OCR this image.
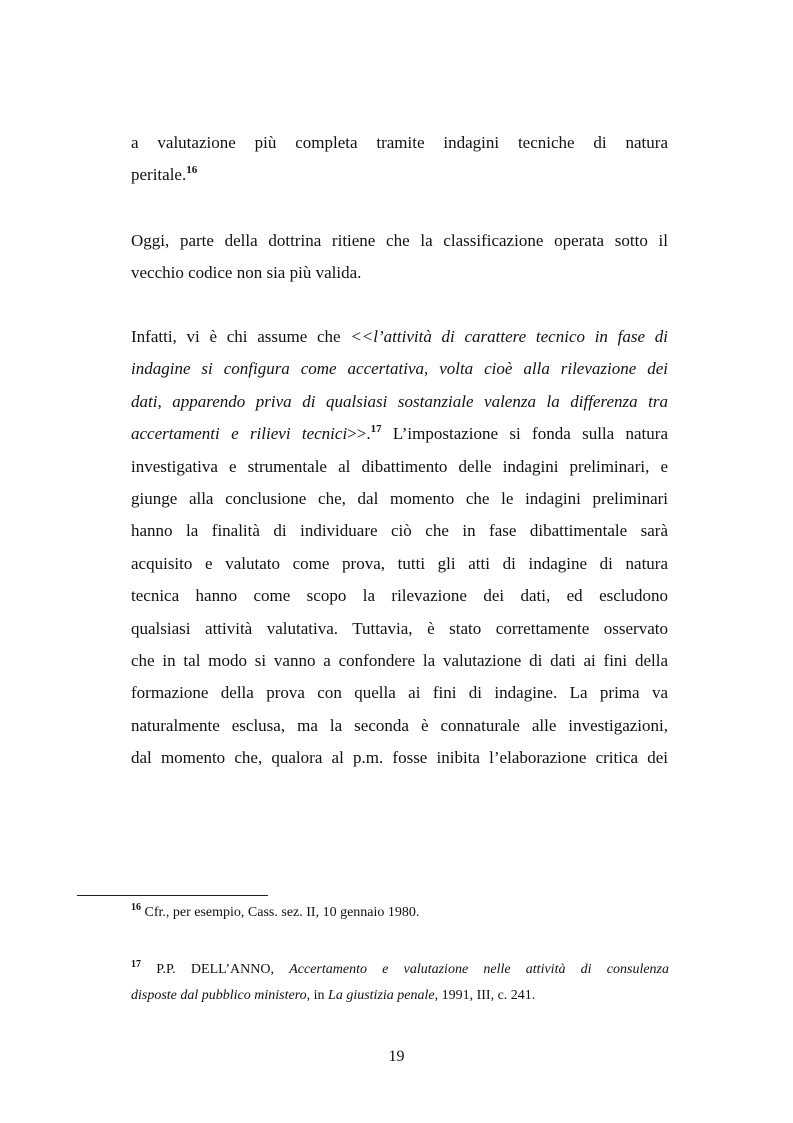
a valutazione più completa tramite indagini tecniche di natura
peritale.$^{16}$
Oggi, parte della dottrina ritiene che la classificazione operata sotto il
vecchio codice non sia più valida.
Infatti, vi è chi assume che <<l’attività di carattere tecnico in fase di
indagine si configura come accertativa, volta cioè alla rilevazione dei
dati, apparendo priva di qualsiasi sostanziale valenza la differenza tra
accertamenti e rilievi tecnici>>.$^{17}$ L’impostazione si fonda sulla natura
investigativa e strumentale al dibattimento delle indagini preliminari, e
giunge alla conclusione che, dal momento che le indagini preliminari
hanno la finalità di individuare ciò che in fase dibattimentale sarà
acquisito e valutato come prova, tutti gli atti di indagine di natura
tecnica hanno come scopo la rilevazione dei dati, ed escludono
qualsiasi attività valutativa. Tuttavia, è stato correttamente osservato
che in tal modo si vanno a confondere la valutazione di dati ai fini della
formazione della prova con quella ai fini di indagine. La prima va
naturalmente esclusa, ma la seconda è connaturale alle investigazioni,
dal momento che, qualora al p.m. fosse inibita l’elaborazione critica dei
$^{16}$ Cfr., per esempio, Cass. sez. II, 10 gennaio 1980.
$^{17}$ P.P. DELL’ANNO, Accertamento e valutazione nelle attività di consulenza
disposte dal pubblico ministero, in La giustizia penale, 1991, III, c. 241.
19
